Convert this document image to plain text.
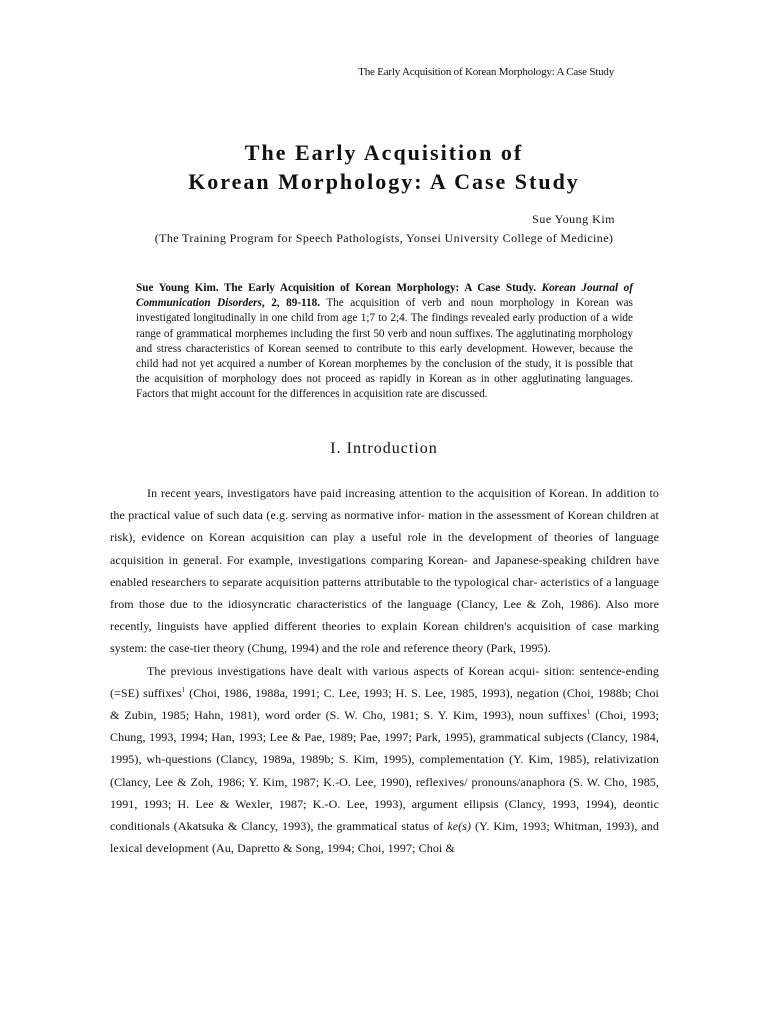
The Early Acquisition of Korean Morphology: A Case Study
The Early Acquisition of
Korean Morphology: A Case Study
Sue Young Kim
(The Training Program for Speech Pathologists, Yonsei University College of Medicine)
Sue Young Kim. The Early Acquisition of Korean Morphology: A Case Study. Korean Journal of Communication Disorders, 2, 89-118. The acquisition of verb and noun morphology in Korean was investigated longitudinally in one child from age 1;7 to 2;4. The findings revealed early production of a wide range of grammatical morphemes including the first 50 verb and noun suffixes. The agglutinating morphology and stress characteristics of Korean seemed to contribute to this early development. However, because the child had not yet acquired a number of Korean morphemes by the conclusion of the study, it is possible that the acquisition of morphology does not proceed as rapidly in Korean as in other agglutinating languages. Factors that might account for the differences in acquisition rate are discussed.
I. Introduction

In recent years, investigators have paid increasing attention to the acquisition of Korean. In addition to the practical value of such data (e.g. serving as normative infor- mation in the assessment of Korean children at risk), evidence on Korean acquisition can play a useful role in the development of theories of language acquisition in general. For example, investigations comparing Korean- and Japanese-speaking children have enabled researchers to separate acquisition patterns attributable to the typological char- acteristics of a language from those due to the idiosyncratic characteristics of the language (Clancy, Lee & Zoh, 1986). Also more recently, linguists have applied different theories to explain Korean children's acquisition of case marking system: the case-tier theory (Chung, 1994) and the role and reference theory (Park, 1995).

The previous investigations have dealt with various aspects of Korean acqui- sition: sentence-ending (=SE) suffixes$^1$ (Choi, 1986, 1988a, 1991; C. Lee, 1993; H. S. Lee, 1985, 1993), negation (Choi, 1988b; Choi & Zubin, 1985; Hahn, 1981), word order (S. W. Cho, 1981; S. Y. Kim, 1993), noun suffixes$^1$ (Choi, 1993; Chung, 1993, 1994; Han, 1993; Lee & Pae, 1989; Pae, 1997; Park, 1995), grammatical subjects (Clancy, 1984, 1995), wh-questions (Clancy, 1989a, 1989b; S. Kim, 1995), complementation (Y. Kim, 1985), relativization (Clancy, Lee & Zoh, 1986; Y. Kim, 1987; K.-O. Lee, 1990), reflexives/ pronouns/anaphora (S. W. Cho, 1985, 1991, 1993; H. Lee & Wexler, 1987; K.-O. Lee, 1993), argument ellipsis (Clancy, 1993, 1994), deontic conditionals (Akatsuka & Clancy, 1993), the grammatical status of ke(s) (Y. Kim, 1993; Whitman, 1993), and lexical development (Au, Dapretto & Song, 1994; Choi, 1997; Choi &
